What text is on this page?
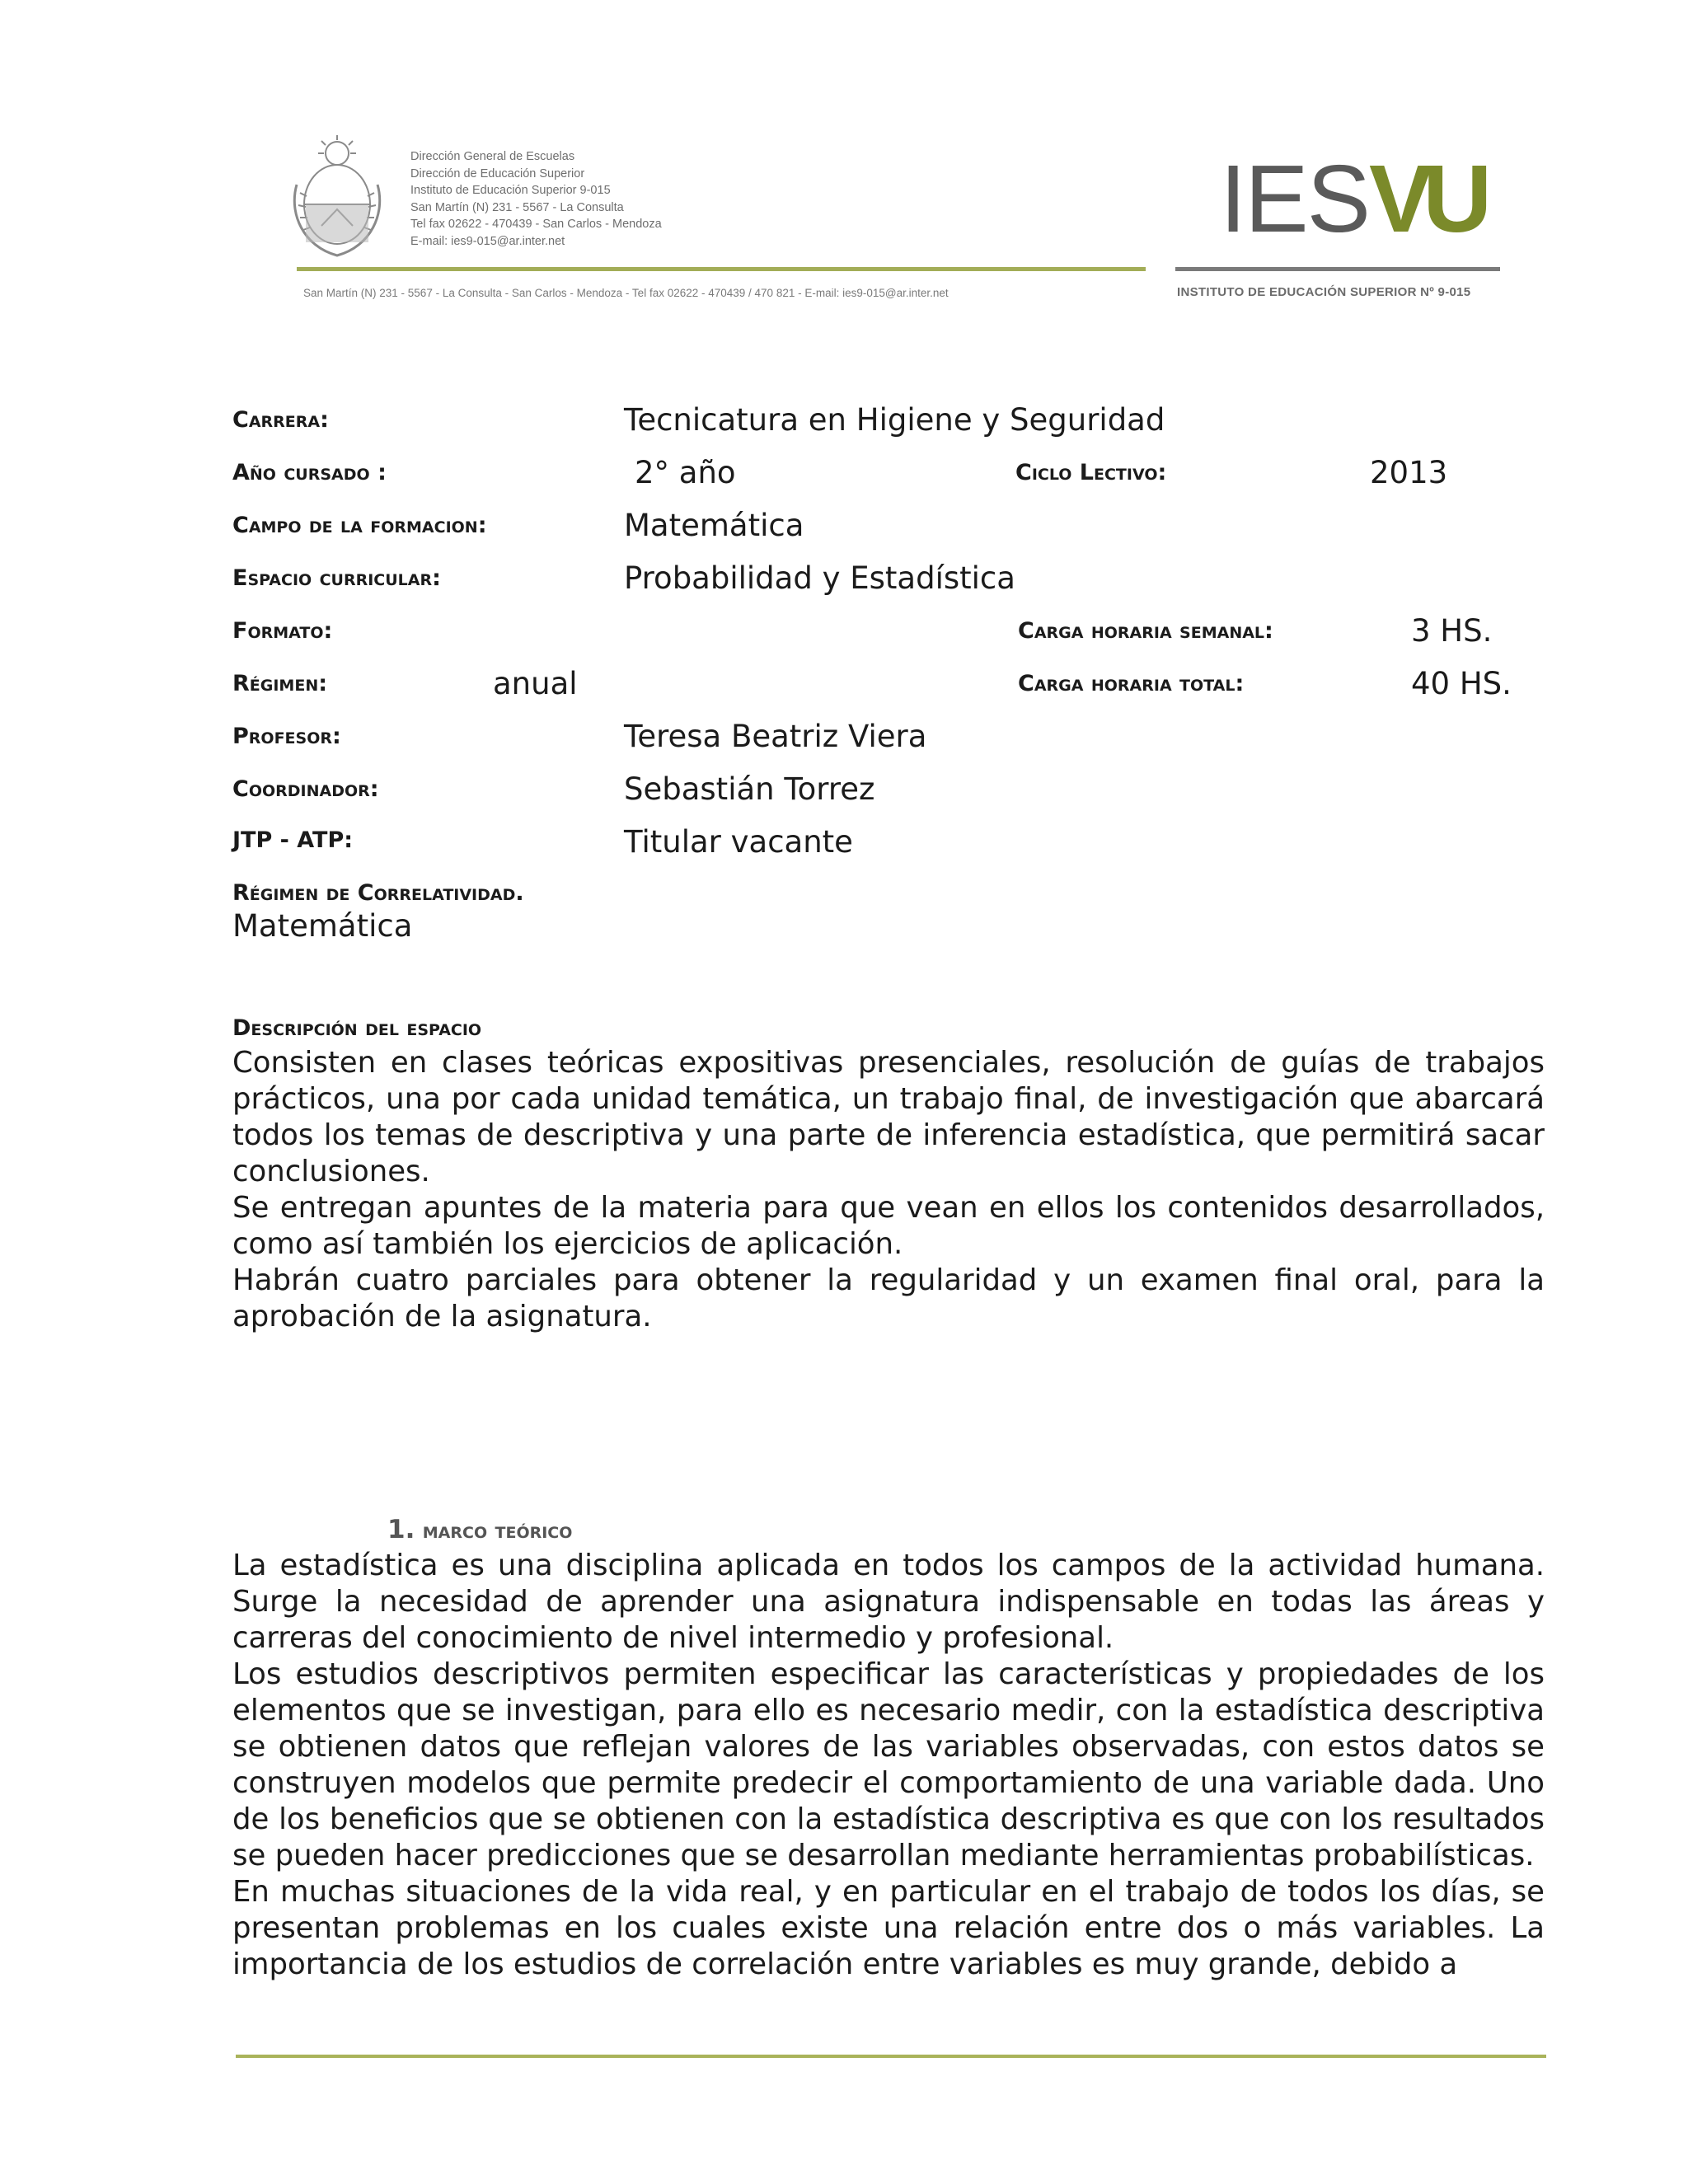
Dirección General de Escuelas
Dirección de Educación Superior
Instituto de Educación Superior 9-015
San Martín (N) 231 - 5567 - La Consulta
Tel fax 02622 - 470439 - San Carlos - Mendoza
E-mail: ies9-015@ar.inter.net
San Martín (N) 231 - 5567 - La Consulta - San Carlos - Mendoza - Tel fax 02622 - 470439 / 470 821 - E-mail: ies9-015@ar.inter.net
IESVU
INSTITUTO DE EDUCACIÓN SUPERIOR Nº 9-015
Carrera:	Tecnicatura en Higiene y Seguridad
Año cursado :	2° año	Ciclo Lectivo:	2013
Campo de la formacion:	Matemática
Espacio curricular:	Probabilidad y Estadística
Formato:	Carga horaria semanal:	3 HS.
Régimen:	anual	Carga horaria total:	40 HS.
Profesor:	Teresa Beatriz Viera
Coordinador:	Sebastián Torrez
JTP - ATP:	Titular vacante
Régimen de Correlatividad.
Matemática
Descripción del espacio

Consisten en clases teóricas expositivas presenciales, resolución de guías de trabajos prácticos, una por cada unidad temática, un trabajo final, de investigación que abarcará todos los temas de descriptiva y una parte de inferencia estadística, que permitirá sacar conclusiones.

Se entregan apuntes de la materia para que vean en ellos los contenidos desarrollados, como así también los ejercicios de aplicación.

Habrán cuatro parciales para obtener la regularidad y un examen final oral, para la aprobación de la asignatura.

1. marco teórico

La estadística es una disciplina aplicada en todos los campos de la actividad humana. Surge la necesidad de aprender una asignatura indispensable en todas las áreas y carreras del conocimiento de nivel intermedio y profesional.

Los estudios descriptivos permiten especificar las características y propiedades de los elementos que se investigan, para ello es necesario medir, con la estadística descriptiva se obtienen datos que reflejan valores de las variables observadas, con estos datos se construyen modelos que permite predecir el comportamiento de una variable dada. Uno de los beneficios que se obtienen con la estadística descriptiva es que con los resultados se pueden hacer predicciones que se desarrollan mediante herramientas probabilísticas.

En muchas situaciones de la vida real, y en particular en el trabajo de todos los días, se presentan problemas en los cuales existe una relación entre dos o más variables. La importancia de los estudios de correlación entre variables es muy grande, debido a
